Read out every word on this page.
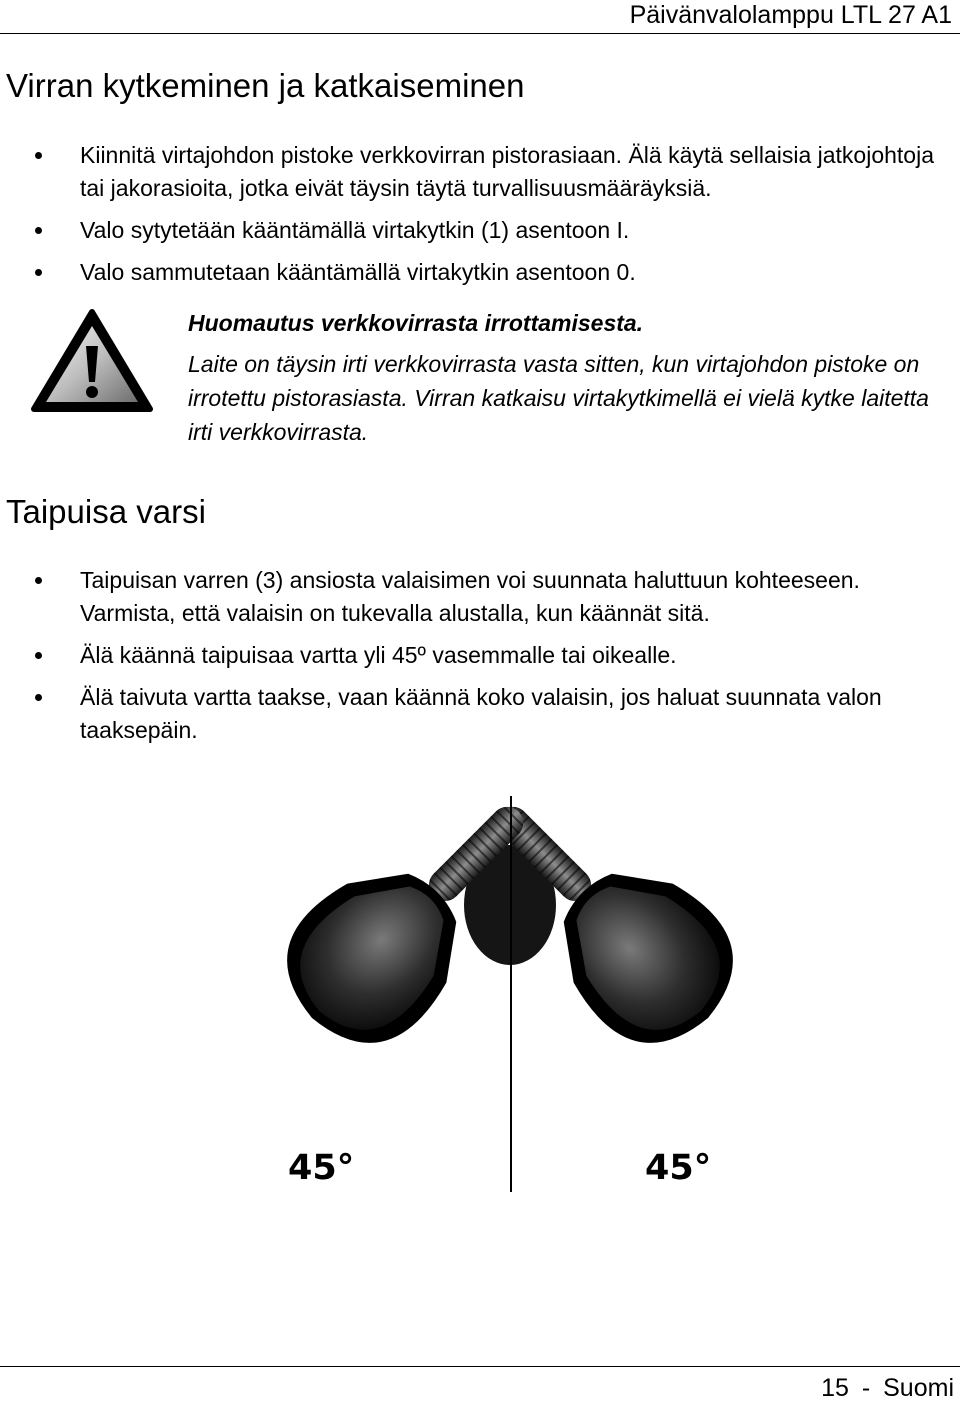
Päivänvalolamppu LTL 27 A1
Virran kytkeminen ja katkaiseminen
Kiinnitä virtajohdon pistoke verkkovirran pistorasiaan. Älä käytä sellaisia jatkojohtoja tai jakorasioita, jotka eivät täysin täytä turvallisuusmääräyksiä.
Valo sytytetään kääntämällä virtakytkin (1) asentoon I.
Valo sammutetaan kääntämällä virtakytkin asentoon 0.
Huomautus verkkovirrasta irrottamisesta.
Laite on täysin irti verkkovirrasta vasta sitten, kun virtajohdon pistoke on irrotettu pistorasiasta. Virran katkaisu virtakytkimellä ei vielä kytke laitetta irti verkkovirrasta.
Taipuisa varsi
Taipuisan varren (3) ansiosta valaisimen voi suunnata haluttuun kohteeseen. Varmista, että valaisin on tukevalla alustalla, kun käännät sitä.
Älä käännä taipuisaa vartta yli 45º vasemmalle tai oikealle.
Älä taivuta vartta taakse, vaan käännä koko valaisin, jos haluat suunnata valon taaksepäin.
45°	45°
15 - Suomi
